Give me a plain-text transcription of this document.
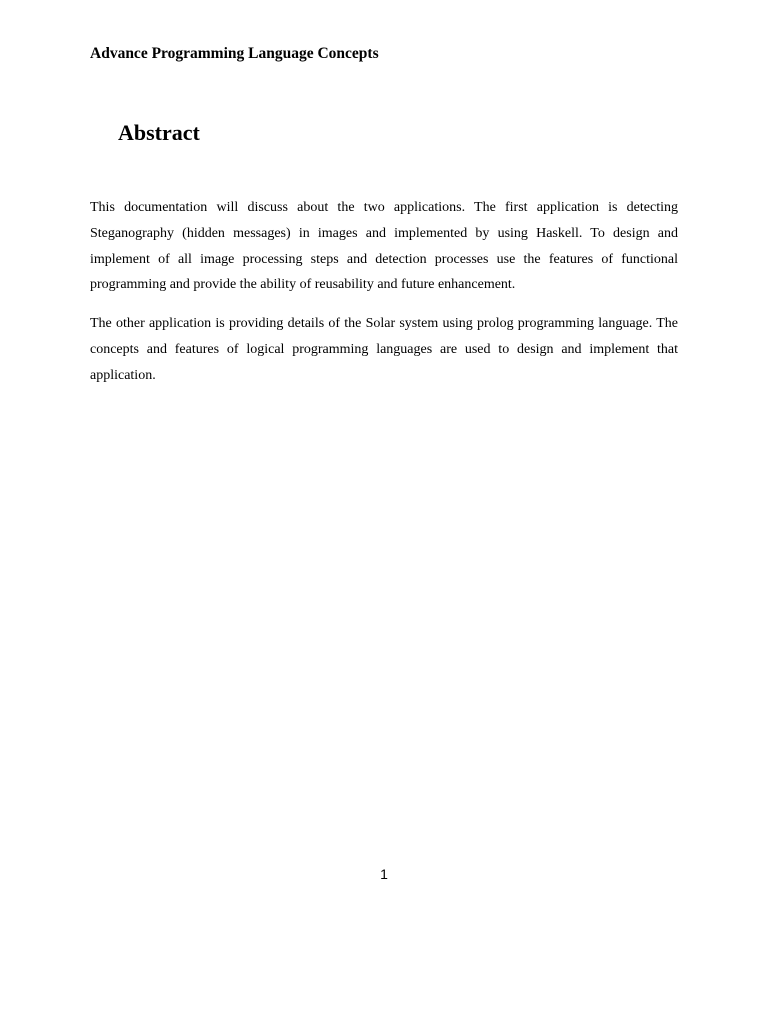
Advance Programming Language Concepts
Abstract

This documentation will discuss about the two applications. The first application is detecting Steganography (hidden messages) in images and implemented by using Haskell. To design and implement of all image processing steps and detection processes use the features of functional programming and provide the ability of reusability and future enhancement.

The other application is providing details of the Solar system using prolog programming language. The concepts and features of logical programming languages are used to design and implement that application.

1
